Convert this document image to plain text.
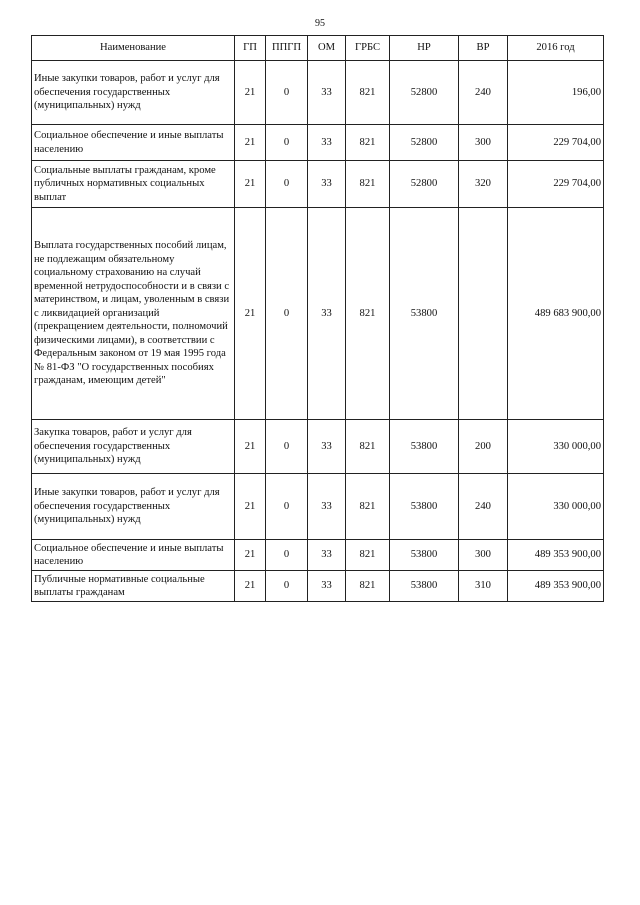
95
Наименование	ГП	ППГП	ОМ	ГРБС	НР	ВР	2016 год
Иные закупки товаров, работ и услуг для обеспечения государственных (муниципальных) нужд	21	0	33	821	52800	240	196,00
Социальное обеспечение и иные выплаты населению	21	0	33	821	52800	300	229 704,00
Социальные выплаты гражданам, кроме публичных нормативных социальных выплат	21	0	33	821	52800	320	229 704,00
Выплата государственных пособий лицам, не подлежащим обязательному социальному страхованию на случай временной нетрудоспособности и в связи с материнством, и лицам, уволенным в связи с ликвидацией организаций (прекращением деятельности, полномочий физическими лицами), в соответствии с Федеральным законом от 19 мая 1995 года № 81-ФЗ "О государственных пособиях гражданам, имеющим детей"	21	0	33	821	53800		489 683 900,00
Закупка товаров, работ и услуг для обеспечения государственных (муниципальных) нужд	21	0	33	821	53800	200	330 000,00
Иные закупки товаров, работ и услуг для обеспечения государственных (муниципальных) нужд	21	0	33	821	53800	240	330 000,00
Социальное обеспечение и иные выплаты населению	21	0	33	821	53800	300	489 353 900,00
Публичные нормативные социальные выплаты гражданам	21	0	33	821	53800	310	489 353 900,00
